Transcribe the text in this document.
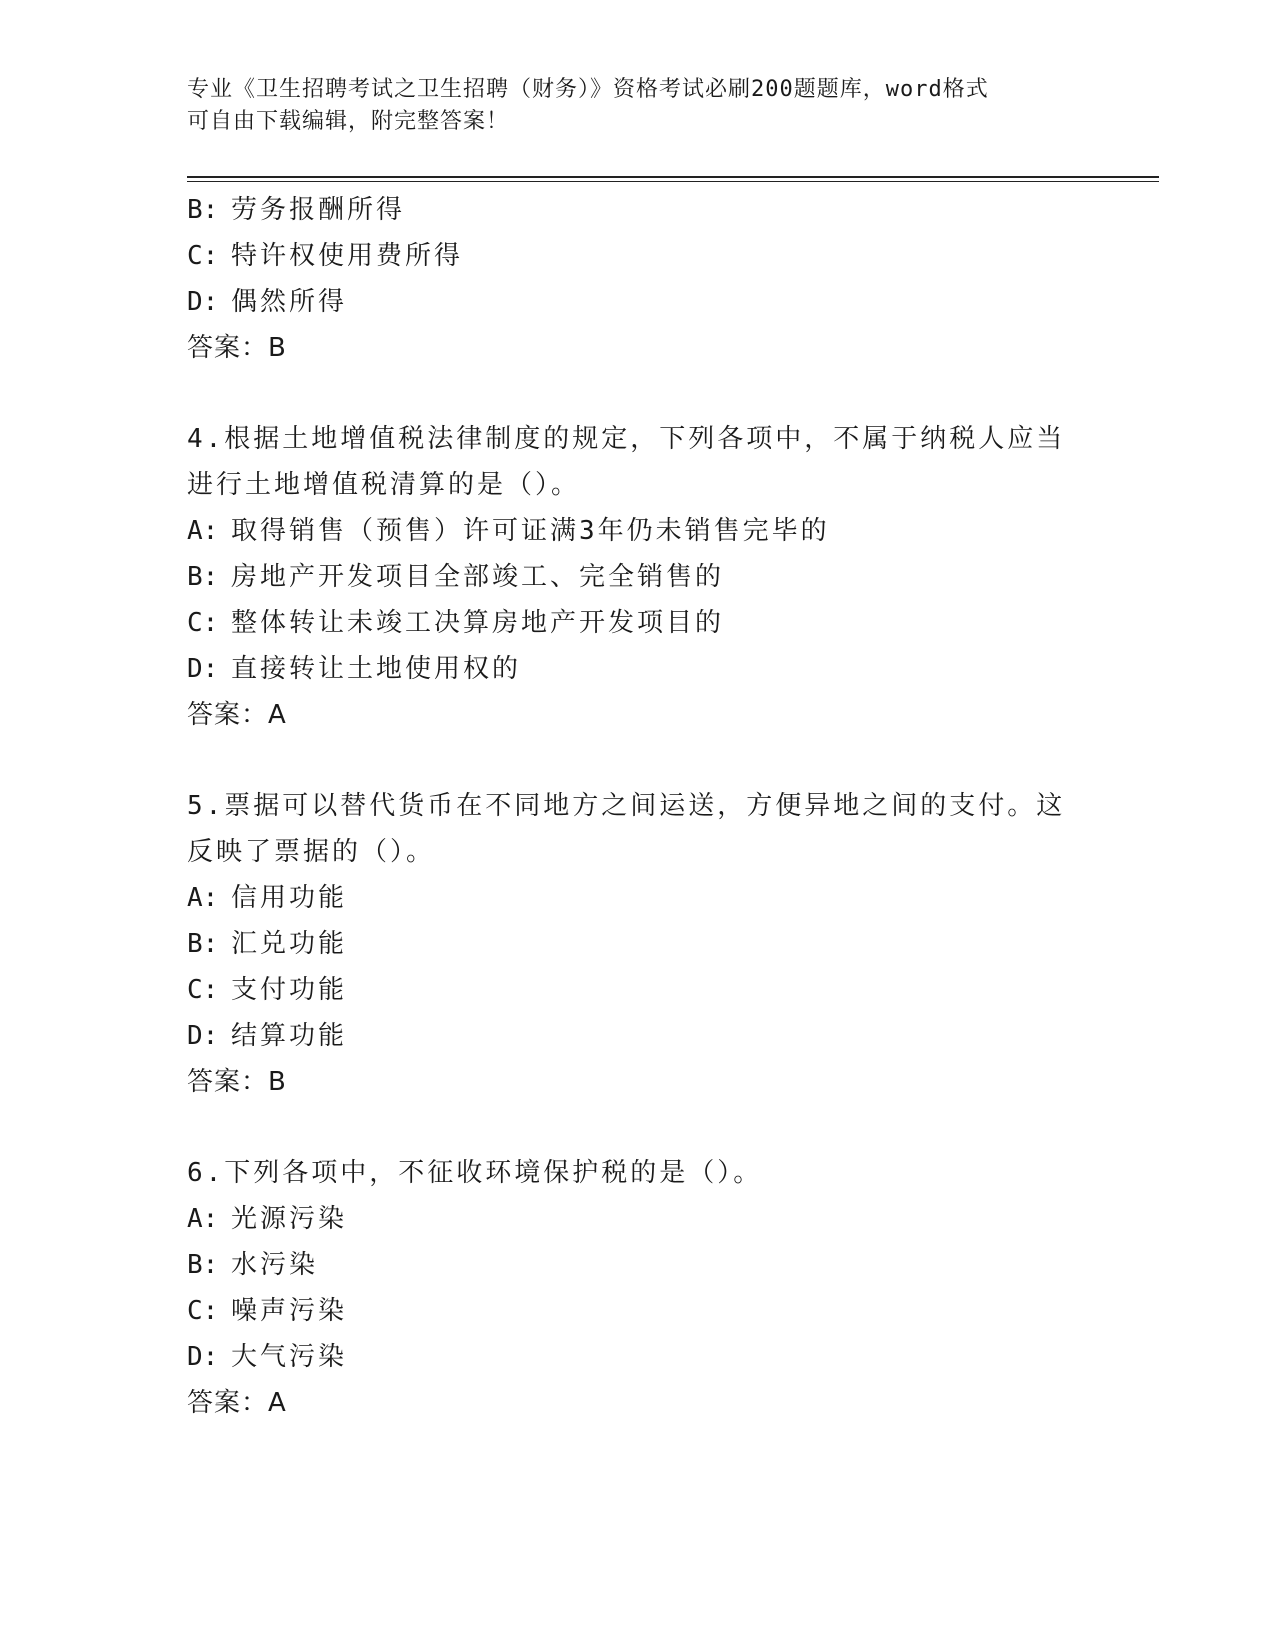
专业《卫生招聘考试之卫生招聘（财务）》资格考试必刷200题题库，word格式
可自由下载编辑，附完整答案！
B: 劳务报酬所得
C: 特许权使用费所得
D: 偶然所得
答案：B
4.根据土地增值税法律制度的规定，下列各项中，不属于纳税人应当
进行土地增值税清算的是（）。
A: 取得销售（预售）许可证满3年仍未销售完毕的
B: 房地产开发项目全部竣工、完全销售的
C: 整体转让未竣工决算房地产开发项目的
D: 直接转让土地使用权的
答案：A
5.票据可以替代货币在不同地方之间运送，方便异地之间的支付。这
反映了票据的（）。
A: 信用功能
B: 汇兑功能
C: 支付功能
D: 结算功能
答案：B
6.下列各项中，不征收环境保护税的是（）。
A: 光源污染
B: 水污染
C: 噪声污染
D: 大气污染
答案：A
